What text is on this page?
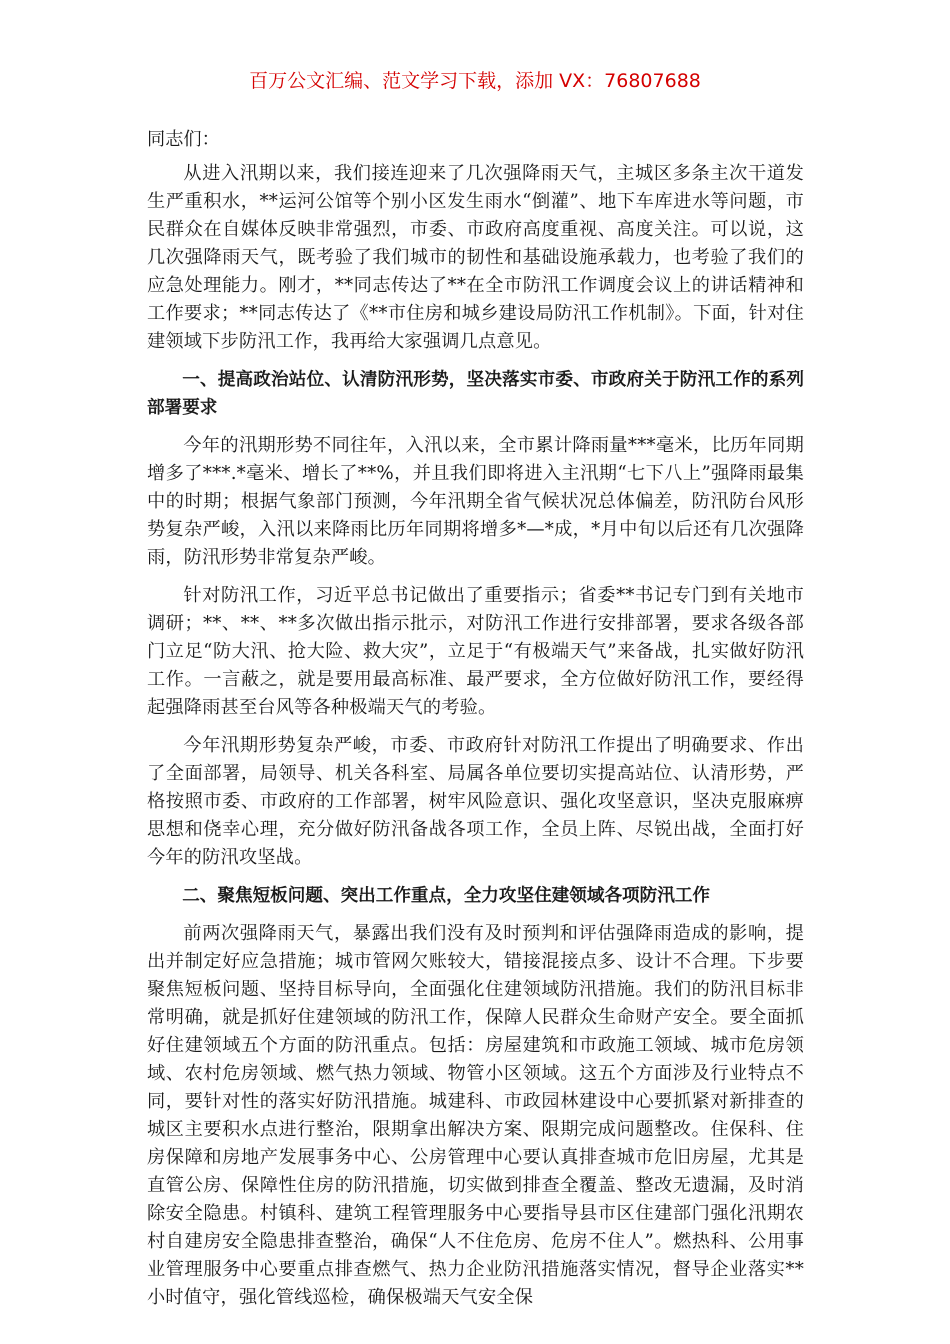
百万公文汇编、范文学习下载，添加 VX：76807688

同志们：

从进入汛期以来，我们接连迎来了几次强降雨天气，主城区多条主次干道发生严重积水，**运河公馆等个别小区发生雨水“倒灌”、地下车库进水等问题，市民群众在自媒体反映非常强烈，市委、市政府高度重视、高度关注。可以说，这几次强降雨天气，既考验了我们城市的韧性和基础设施承载力，也考验了我们的应急处理能力。刚才，**同志传达了**在全市防汛工作调度会议上的讲话精神和工作要求；**同志传达了《**市住房和城乡建设局防汛工作机制》。下面，针对住建领域下步防汛工作，我再给大家强调几点意见。

一、提高政治站位、认清防汛形势，坚决落实市委、市政府关于防汛工作的系列部署要求

今年的汛期形势不同往年，入汛以来，全市累计降雨量***毫米，比历年同期增多了***.*毫米、增长了**%，并且我们即将进入主汛期“七下八上”强降雨最集中的时期；根据气象部门预测，今年汛期全省气候状况总体偏差，防汛防台风形势复杂严峻，入汛以来降雨比历年同期将增多*—*成，*月中旬以后还有几次强降雨，防汛形势非常复杂严峻。

针对防汛工作，习近平总书记做出了重要指示；省委**书记专门到有关地市调研；**、**、**多次做出指示批示，对防汛工作进行安排部署，要求各级各部门立足“防大汛、抢大险、救大灾”，立足于“有极端天气”来备战，扎实做好防汛工作。一言蔽之，就是要用最高标准、最严要求，全方位做好防汛工作，要经得起强降雨甚至台风等各种极端天气的考验。

今年汛期形势复杂严峻，市委、市政府针对防汛工作提出了明确要求、作出了全面部署，局领导、机关各科室、局属各单位要切实提高站位、认清形势，严格按照市委、市政府的工作部署，树牢风险意识、强化攻坚意识，坚决克服麻痹思想和侥幸心理，充分做好防汛备战各项工作，全员上阵、尽锐出战，全面打好今年的防汛攻坚战。

二、聚焦短板问题、突出工作重点，全力攻坚住建领域各项防汛工作

前两次强降雨天气，暴露出我们没有及时预判和评估强降雨造成的影响，提出并制定好应急措施；城市管网欠账较大，错接混接点多、设计不合理。下步要聚焦短板问题、坚持目标导向，全面强化住建领域防汛措施。我们的防汛目标非常明确，就是抓好住建领域的防汛工作，保障人民群众生命财产安全。要全面抓好住建领域五个方面的防汛重点。包括：房屋建筑和市政施工领域、城市危房领域、农村危房领域、燃气热力领域、物管小区领域。这五个方面涉及行业特点不同，要针对性的落实好防汛措施。城建科、市政园林建设中心要抓紧对新排查的城区主要积水点进行整治，限期拿出解决方案、限期完成问题整改。住保科、住房保障和房地产发展事务中心、公房管理中心要认真排查城市危旧房屋，尤其是直管公房、保障性住房的防汛措施，切实做到排查全覆盖、整改无遗漏，及时消除安全隐患。村镇科、建筑工程管理服务中心要指导县市区住建部门强化汛期农村自建房安全隐患排查整治，确保“人不住危房、危房不住人”。燃热科、公用事业管理服务中心要重点排查燃气、热力企业防汛措施落实情况，督导企业落实**小时值守，强化管线巡检，确保极端天气安全保
